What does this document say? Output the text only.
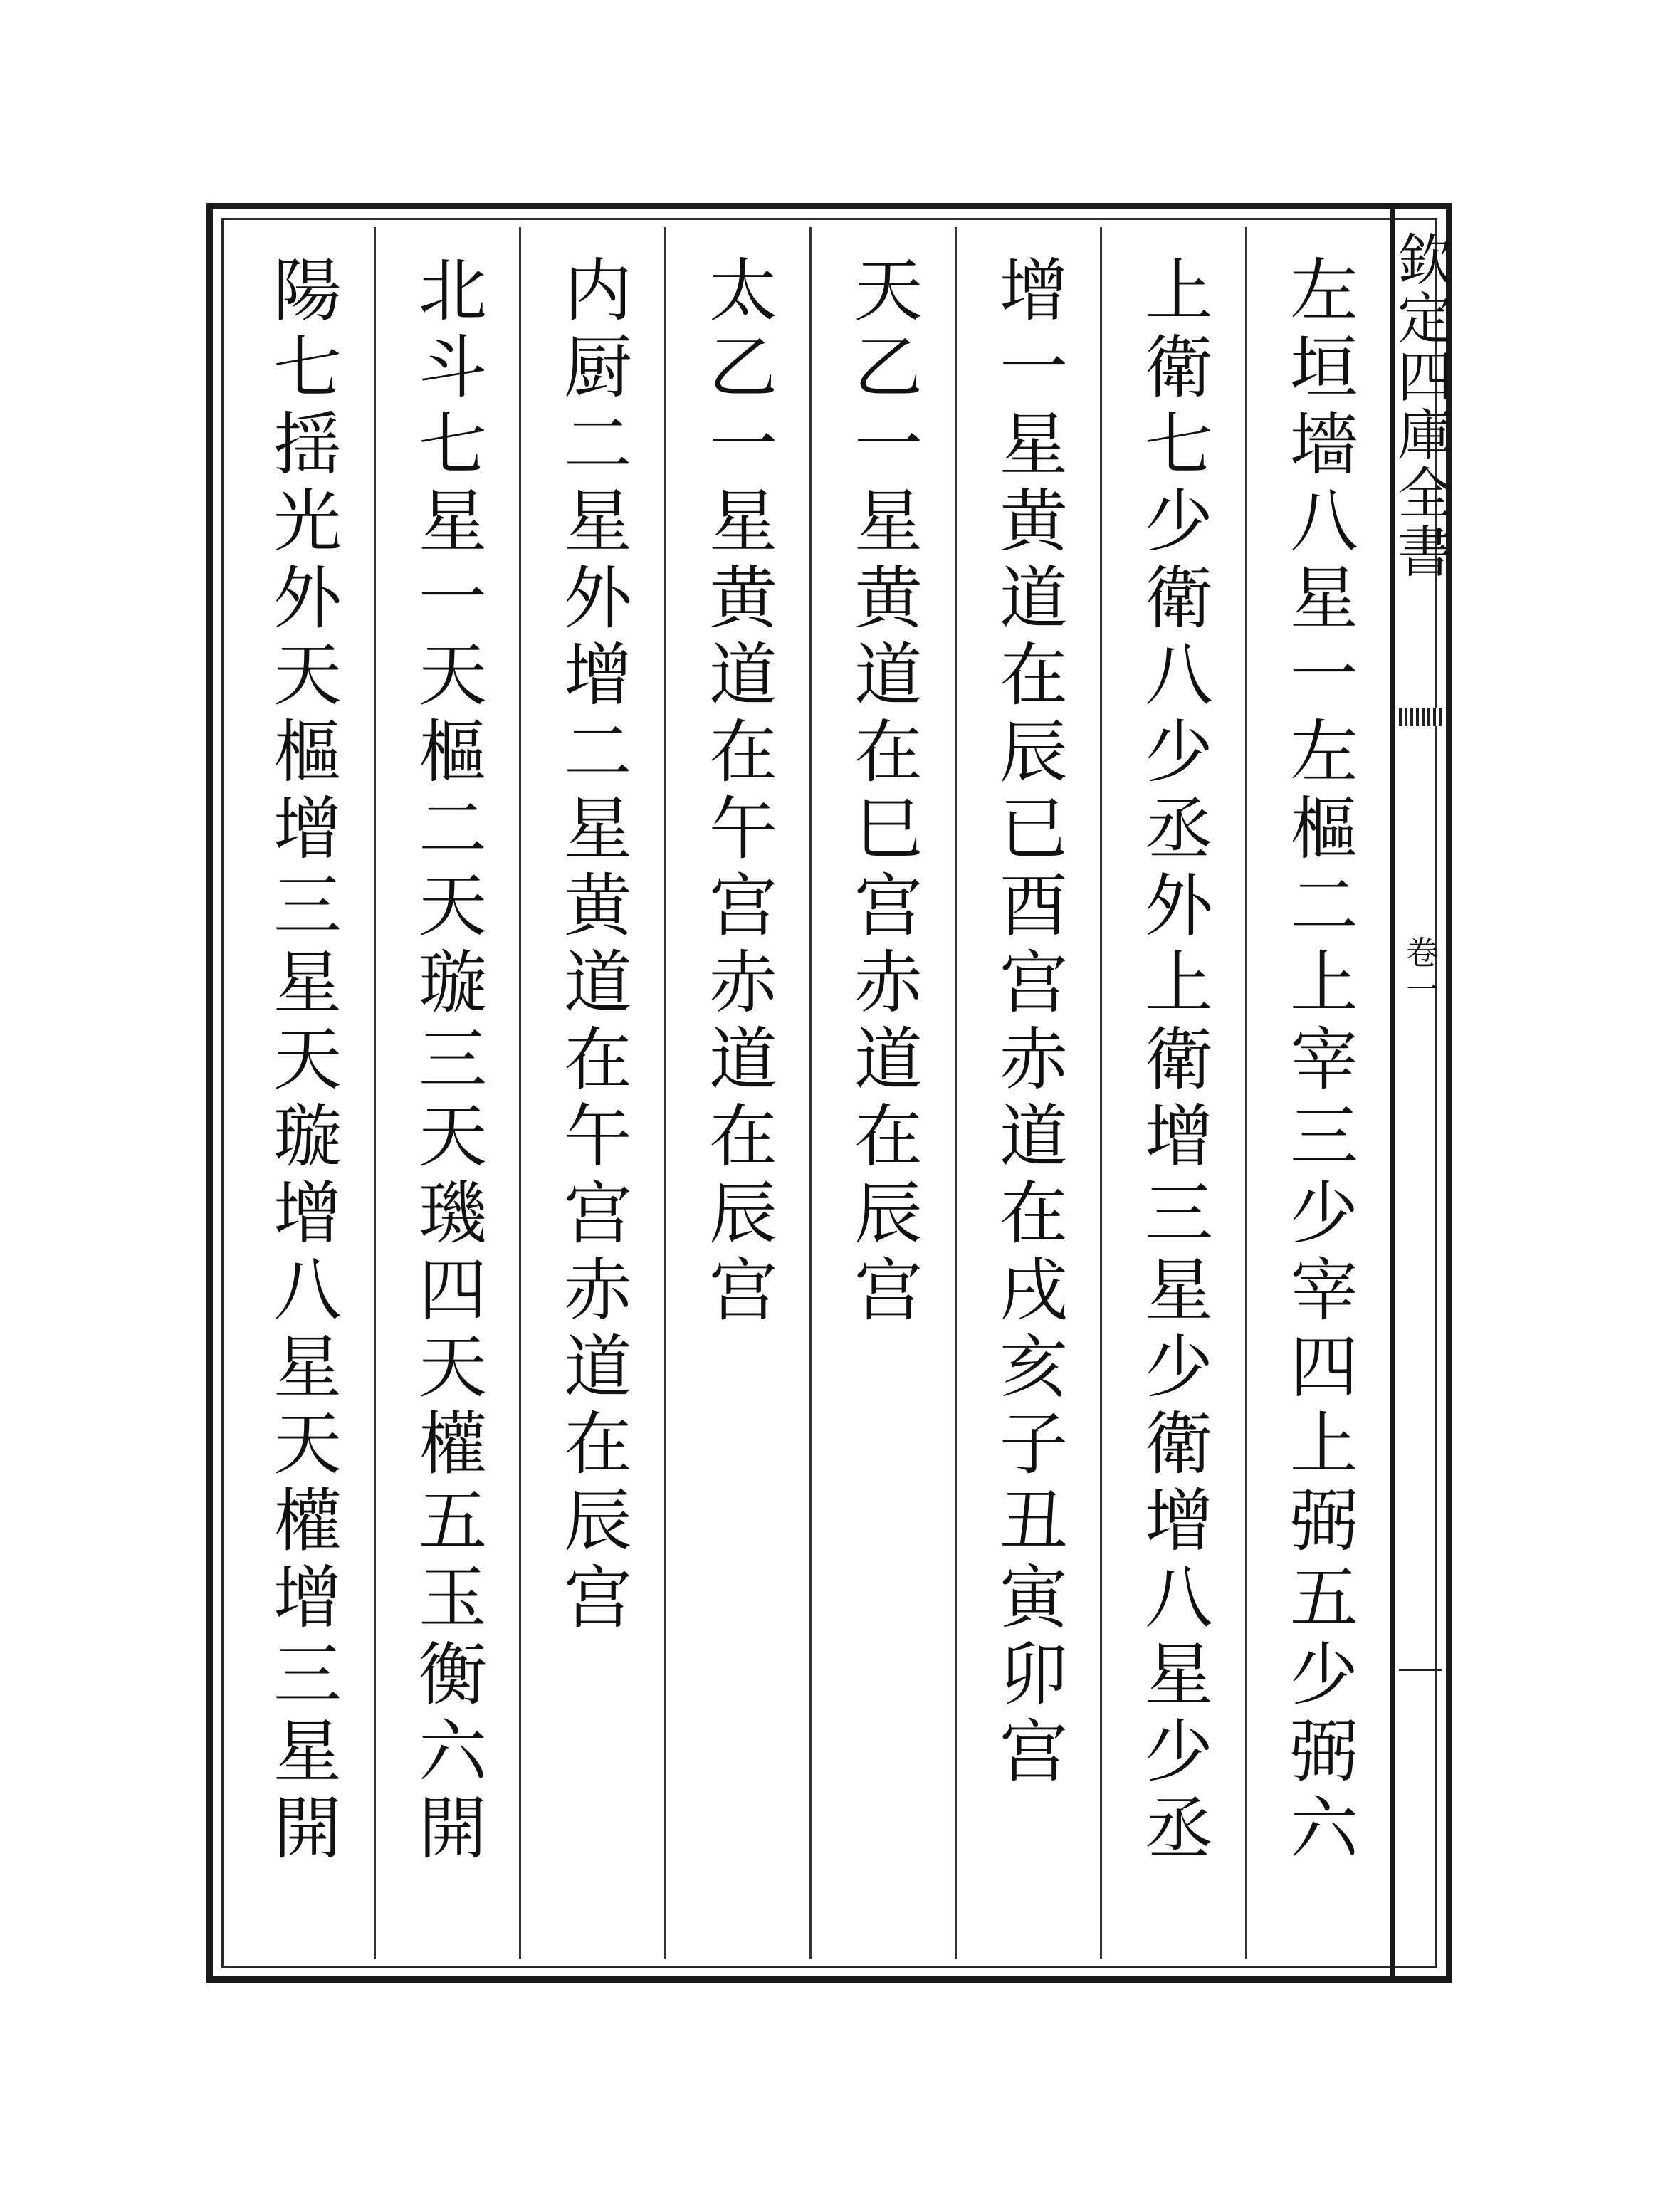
欽定四庫全書
卷一
左垣墻八星一左樞二上宰三少宰四上弼五少弼六
上衛七少衛八少丞外上衛增三星少衛增八星少丞
增一星黄道在辰已酉宫赤道在戌亥子丑寅卯宫
天乙一星黄道在巳宫赤道在辰宫
太乙一星黄道在午宫赤道在辰宫
内厨二星外增二星黄道在午宫赤道在辰宫
北斗七星一天樞二天璇三天璣四天權五玉衡六開
陽七揺光外天樞增三星天璇增八星天權增三星開
